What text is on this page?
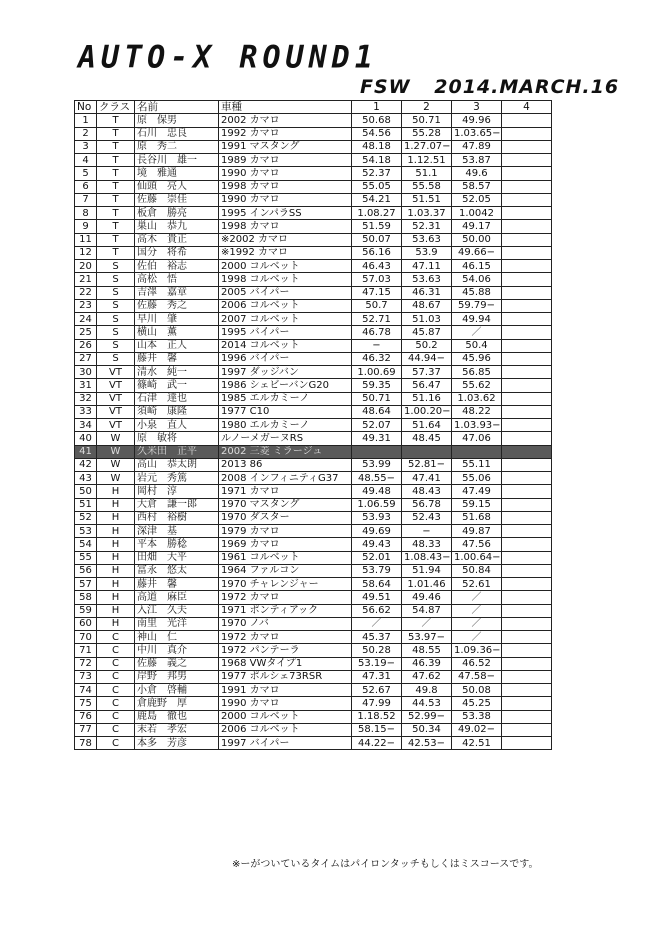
AUTO-X ROUND1
FSW 2014.MARCH.16
No	クラス	名前	車種	1	2	3	4
1	T	原　保男	2002 カマロ	50.68	50.71	49.96	
2	T	石川　忠良	1992 カマロ	54.56	55.28	1.03.65−	
3	T	原　秀二	1991 マスタング	48.18	1.27.07−	47.89	
4	T	長谷川　雄一	1989 カマロ	54.18	1.12.51	53.87	
5	T	境　雅通	1990 カマロ	52.37	51.1	49.6	
6	T	仙頭　亮人	1998 カマロ	55.05	55.58	58.57	
7	T	佐藤　崇佳	1990 カマロ	54.21	51.51	52.05	
8	T	板倉　勝亮	1995 インパラSS	1.08.27	1.03.37	1.0042	
9	T	巣山　恭九	1998 カマロ	51.59	52.31	49.17	
11	T	高木　貴正	※2002 カマロ	50.07	53.63	50.00	
12	T	国分　将希	※1992 カマロ	56.16	53.9	49.66−	
20	S	佐伯　裕志	2000 コルベット	46.43	47.11	46.15	
21	S	高松　悟	1998 コルベット	57.03	53.63	54.06	
22	S	吉澤　嘉章	2005 バイパー	47.15	46.31	45.88	
23	S	佐藤　秀之	2006 コルベット	50.7	48.67	59.79−	
24	S	早川　肇	2007 コルベット	52.71	51.03	49.94	
25	S	横山　薫	1995 バイパー	46.78	45.87	／	
26	S	山本　正人	2014 コルベット	−	50.2	50.4	
27	S	藤井　馨	1996 バイパー	46.32	44.94−	45.96	
30	VT	清水　純一	1997 ダッジバン	1.00.69	57.37	56.85	
31	VT	篠崎　武一	1986 シェビーバンG20	59.35	56.47	55.62	
32	VT	石津　達也	1985 エルカミーノ	50.71	51.16	1.03.62	
33	VT	須崎　康隆	1977 C10	48.64	1.00.20−	48.22	
34	VT	小泉　直人	1980 エルカミーノ	52.07	51.64	1.03.93−	
40	W	原　敏将	ルノーメガーヌRS	49.31	48.45	47.06	
41	W	久米田　正平	2002 三菱 ミラージュ				
42	W	高山　恭太朗	2013 86	53.99	52.81−	55.11	
43	W	岩元　秀篤	2008 インフィニティG37	48.55−	47.41	55.06	
50	H	岡村　淳	1971 カマロ	49.48	48.43	47.49	
51	H	大倉　謙一郎	1970 マスタング	1.06.59	56.78	59.15	
52	H	西村　裕樹	1970 ダスター	53.93	52.43	51.68	
53	H	深津　基	1979 カマロ	49.69	−	49.87	
54	H	平本　勝稔	1969 カマロ	49.43	48.33	47.56	
55	H	田畑　大平	1961 コルベット	52.01	1.08.43−	1.00.64−	
56	H	冨永　悠太	1964 ファルコン	53.79	51.94	50.84	
57	H	藤井　馨	1970 チャレンジャー	58.64	1.01.46	52.61	
58	H	高道　麻臣	1972 カマロ	49.51	49.46	／	
59	H	入江　久夫	1971 ポンティアック	56.62	54.87	／	
60	H	南里　光洋	1970 ノバ	／	／	／	
70	C	神山　仁	1972 カマロ	45.37	53.97−	／	
71	C	中川　真介	1972 パンテーラ	50.28	48.55	1.09.36−	
72	C	佐藤　義之	1968 VWタイプ1	53.19−	46.39	46.52	
73	C	岸野　邦男	1977 ポルシェ73RSR	47.31	47.62	47.58−	
74	C	小倉　啓輔	1991 カマロ	52.67	49.8	50.08	
75	C	倉鹿野　厚	1990 カマロ	47.99	44.53	45.25	
76	C	鹿島　徹也	2000 コルベット	1.18.52	52.99−	53.38	
77	C	末若　孝宏	2006 コルベット	58.15−	50.34	49.02−	
78	C	本多　芳彦	1997 バイパー	44.22−	42.53−	42.51	
※ーがついているタイムはパイロンタッチもしくはミスコースです。
